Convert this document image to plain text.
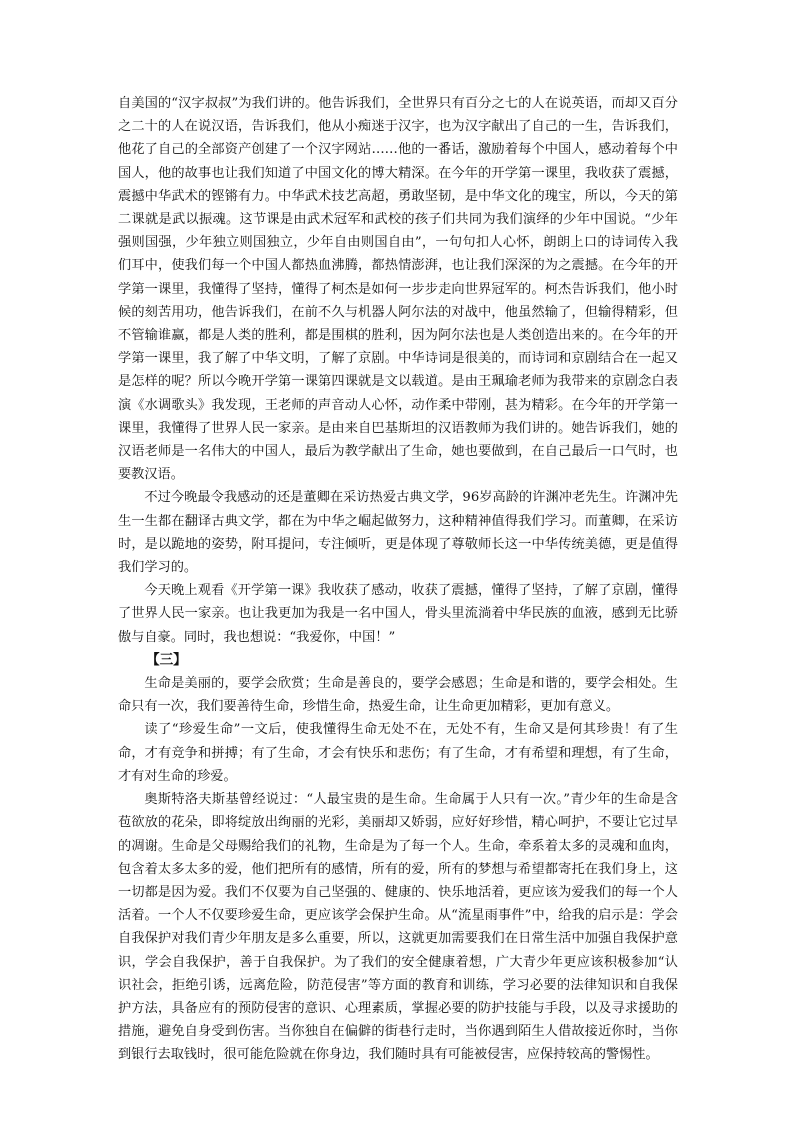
自美国的“汉字叔叔”为我们讲的。他告诉我们，全世界只有百分之七的人在说英语，而却又百分之二十的人在说汉语，告诉我们，他从小痴迷于汉字，也为汉字献出了自己的一生，告诉我们，他花了自己的全部资产创建了一个汉字网站……他的一番话，激励着每个中国人，感动着每个中国人，他的故事也让我们知道了中国文化的博大精深。在今年的开学第一课里，我收获了震撼，震撼中华武术的铿锵有力。中华武术技艺高超，勇敢坚韧，是中华文化的瑰宝，所以，今天的第二课就是武以振魂。这节课是由武术冠军和武校的孩子们共同为我们演绎的少年中国说。“少年强则国强，少年独立则国独立，少年自由则国自由”，一句句扣人心怀，朗朗上口的诗词传入我们耳中，使我们每一个中国人都热血沸腾，都热情澎湃，也让我们深深的为之震撼。在今年的开学第一课里，我懂得了坚持，懂得了柯杰是如何一步步走向世界冠军的。柯杰告诉我们，他小时候的刻苦用功，他告诉我们，在前不久与机器人阿尔法的对战中，他虽然输了，但输得精彩，但不管输谁赢，都是人类的胜利，都是围棋的胜利，因为阿尔法也是人类创造出来的。在今年的开学第一课里，我了解了中华文明，了解了京剧。中华诗词是很美的，而诗词和京剧结合在一起又是怎样的呢？所以今晚开学第一课第四课就是文以载道。是由王珮瑜老师为我带来的京剧念白表演《水调歌头》我发现，王老师的声音动人心怀，动作柔中带刚，甚为精彩。在今年的开学第一课里，我懂得了世界人民一家亲。是由来自巴基斯坦的汉语教师为我们讲的。她告诉我们，她的汉语老师是一名伟大的中国人，最后为教学献出了生命，她也要做到，在自己最后一口气时，也要教汉语。

不过今晚最令我感动的还是董卿在采访热爱古典文学，96岁高龄的许渊冲老先生。许渊冲先生一生都在翻译古典文学，都在为中华之崛起做努力，这种精神值得我们学习。而董卿，在采访时，是以跪地的姿势，附耳提问，专注倾听，更是体现了尊敬师长这一中华传统美德，更是值得我们学习的。

今天晚上观看《开学第一课》我收获了感动，收获了震撼，懂得了坚持，了解了京剧，懂得了世界人民一家亲。也让我更加为我是一名中国人，骨头里流淌着中华民族的血液，感到无比骄傲与自豪。同时，我也想说：“我爱你，中国！”

【三】

生命是美丽的，要学会欣赏；生命是善良的，要学会感恩；生命是和谐的，要学会相处。生命只有一次，我们要善待生命，珍惜生命，热爱生命，让生命更加精彩，更加有意义。

读了“珍爱生命”一文后，使我懂得生命无处不在，无处不有，生命又是何其珍贵！有了生命，才有竞争和拼搏；有了生命，才会有快乐和悲伤；有了生命，才有希望和理想，有了生命，才有对生命的珍爱。

奥斯特洛夫斯基曾经说过：“人最宝贵的是生命。生命属于人只有一次。”青少年的生命是含苞欲放的花朵，即将绽放出绚丽的光彩，美丽却又娇弱，应好好珍惜，精心呵护，不要让它过早的凋谢。生命是父母赐给我们的礼物，生命是为了每一个人。生命，牵系着太多的灵魂和血肉，包含着太多太多的爱，他们把所有的感情，所有的爱，所有的梦想与希望都寄托在我们身上，这一切都是因为爱。我们不仅要为自己坚强的、健康的、快乐地活着，更应该为爱我们的每一个人活着。一个人不仅要珍爱生命，更应该学会保护生命。从“流星雨事件”中，给我的启示是：学会自我保护对我们青少年朋友是多么重要，所以，这就更加需要我们在日常生活中加强自我保护意识，学会自我保护，善于自我保护。为了我们的安全健康着想，广大青少年更应该积极参加“认识社会，拒绝引诱，远离危险，防范侵害”等方面的教育和训练，学习必要的法律知识和自我保护方法，具备应有的预防侵害的意识、心理素质，掌握必要的防护技能与手段，以及寻求援助的措施，避免自身受到伤害。当你独自在偏僻的街巷行走时，当你遇到陌生人借故接近你时，当你到银行去取钱时，很可能危险就在你身边，我们随时具有可能被侵害，应保持较高的警惕性。
